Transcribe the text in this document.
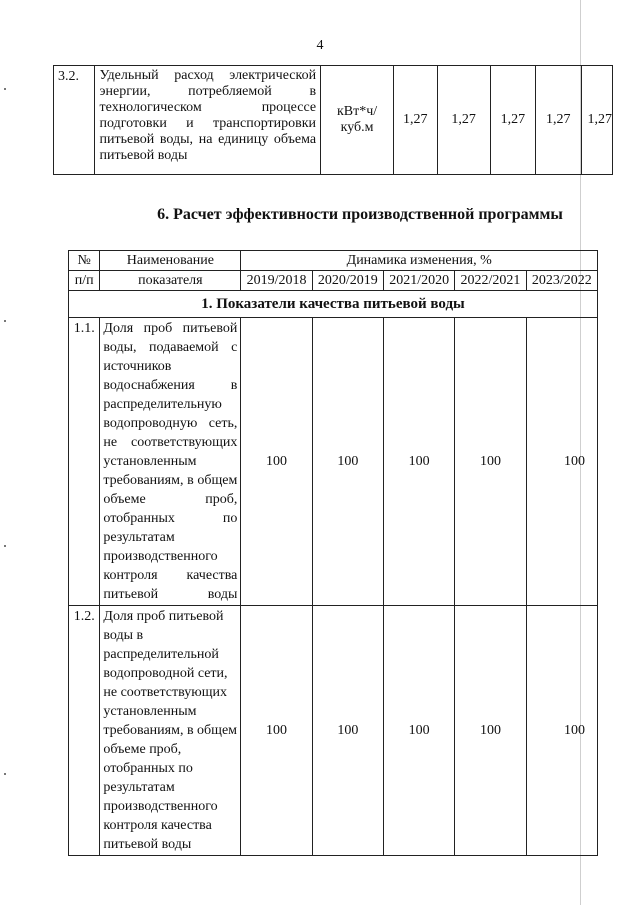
4
3.2.	Удельный расход электрической энергии, потребляемой в технологическом процессе подготовки и транспортировки питьевой воды, на единицу объема питьевой воды	кВт*ч/ куб.м	1,27	1,27	1,27	1,27	1,27
6. Расчет эффективности производственной программы
№	Наименование	Динамика изменения, %				
п/п	показателя	2019/2018	2020/2019	2021/2020	2022/2021	2023/2022
1. Показатели качества питьевой воды						
1.1.	Доля проб питьевой воды, подаваемой с источников водоснабжения в распределительную водопроводную сеть, не соответствующих установленным требованиям, в общем объеме проб, отобранных по результатам производственного контроля качества питьевой воды	100	100	100	100	100
1.2.	Доля проб питьевой воды в распределительной водопроводной сети, не соответствующих установленным требованиям, в общем объеме проб, отобранных по результатам производственного контроля качества питьевой воды	100	100	100	100	100
